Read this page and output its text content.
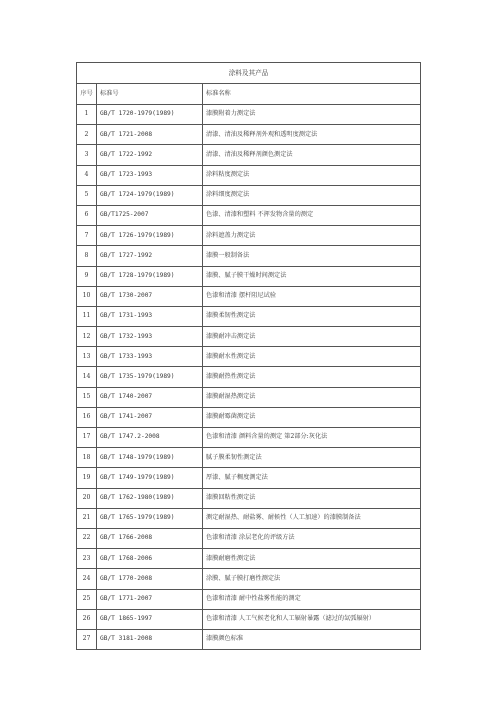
涂料及其产品		
序号	标准号	标准名称
1	GB/T 1720-1979(1989)	漆膜附着力测定法
2	GB/T 1721-2008	清漆、清油及稀释剂外观和透明度测定法
3	GB/T 1722-1992	清漆、清油及稀释剂颜色测定法
4	GB/T 1723-1993	涂料粘度测定法
5	GB/T 1724-1979(1989)	涂料细度测定法
6	GB/T1725-2007	色漆、清漆和塑料 不挥发物含量的测定
7	GB/T 1726-1979(1989)	涂料遮盖力测定法
8	GB/T 1727-1992	漆膜一般制备法
9	GB/T 1728-1979(1989)	漆膜、腻子膜干燥时间测定法
10	GB/T 1730-2007	色漆和清漆 摆杆阻尼试验
11	GB/T 1731-1993	漆膜柔韧性测定法
12	GB/T 1732-1993	漆膜耐冲击测定法
13	GB/T 1733-1993	漆膜耐水性测定法
14	GB/T 1735-1979(1989)	漆膜耐热性测定法
15	GB/T 1740-2007	漆膜耐湿热测定法
16	GB/T 1741-2007	漆膜耐霉菌测定法
17	GB/T 1747.2-2008	色漆和清漆 颜料含量的测定 第2部分:灰化法
18	GB/T 1748-1979(1989)	腻子膜柔韧性测定法
19	GB/T 1749-1979(1989)	厚漆、腻子稠度测定法
20	GB/T 1762-1980(1989)	漆膜回粘性测定法
21	GB/T 1765-1979(1989)	测定耐湿热、耐盐雾、耐候性（人工加速）的漆膜制备法
22	GB/T 1766-2008	色漆和清漆 涂层老化的评级方法
23	GB/T 1768-2006	漆膜耐磨性测定法
24	GB/T 1770-2008	涂膜、腻子膜打磨性测定法
25	GB/T 1771-2007	色漆和清漆 耐中性盐雾性能的测定
26	GB/T 1865-1997	色漆和清漆 人工气候老化和人工辐射暴露（滤过的氙弧辐射）
27	GB/T 3181-2008	漆膜颜色标准
